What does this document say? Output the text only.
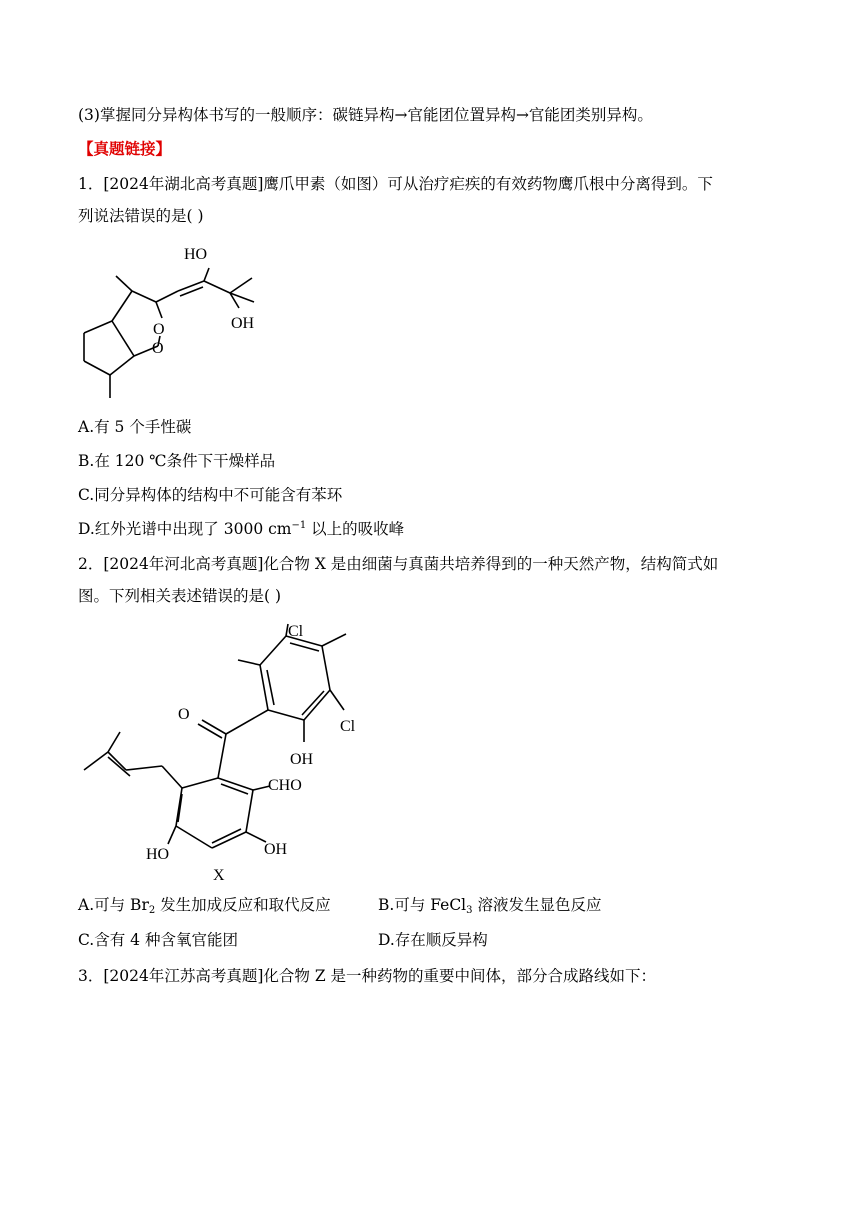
(3)掌握同分异构体书写的一般顺序：碳链异构→官能团位置异构→官能团类别异构。
【真题链接】
1．[2024年湖北高考真题]鹰爪甲素（如图）可从治疗疟疾的有效药物鹰爪根中分离得到。下
列说法错误的是( )
HO
OH
O
O
A.有 5 个手性碳
B.在 120 ℃条件下干燥样品
C.同分异构体的结构中不可能含有苯环
D.红外光谱中出现了 3000 $cm^{-1}$ 以上的吸收峰
2．[2024年河北高考真题]化合物 X 是由细菌与真菌共培养得到的一种天然产物，结构简式如
图。下列相关表述错误的是( )
Cl
Cl
O
OH
CHO
HO	OH
X
A.可与 $Br_2$ 发生加成反应和取代反应	B.可与 FeCl$_3$ 溶液发生显色反应
C.含有 4 种含氧官能团	D.存在顺反异构
3．[2024年江苏高考真题]化合物 Z 是一种药物的重要中间体，部分合成路线如下：
